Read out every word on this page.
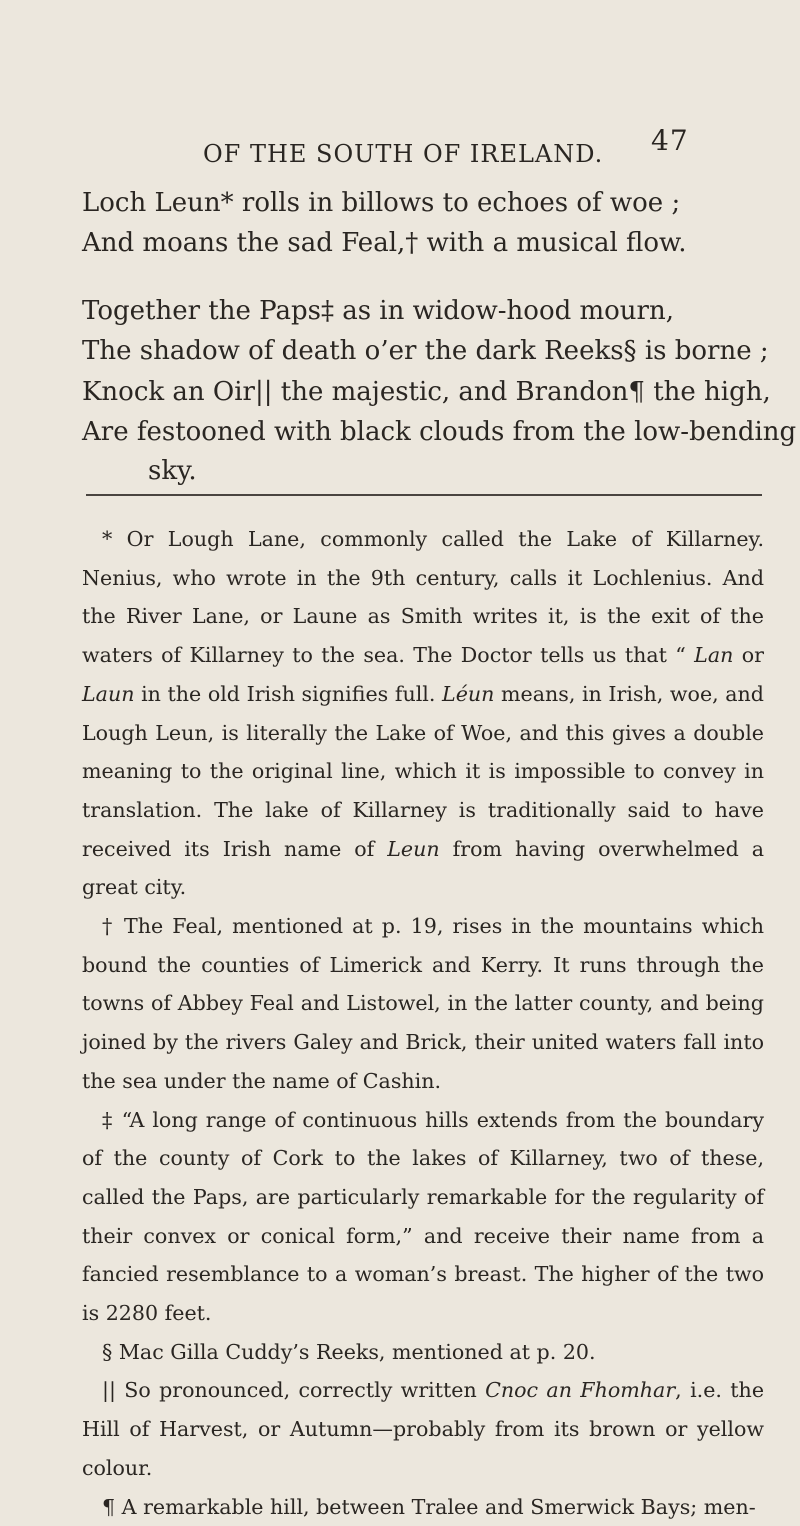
OF THE SOUTH OF IRELAND. 47
Loch Leun* rolls in billows to echoes of woe ;
And moans the sad Feal,† with a musical flow.
Together the Paps‡ as in widow-hood mourn,
The shadow of death o’er the dark Reeks§ is borne ;
Knock an Oir|| the majestic, and Brandon¶ the high,
Are festooned with black clouds from the low-bending
sky.

* Or Lough Lane, commonly called the Lake of Killarney. Nenius, who wrote in the 9th century, calls it Lochlenius. And the River Lane, or Laune as Smith writes it, is the exit of the waters of Killarney to the sea. The Doctor tells us that “ Lan or Laun in the old Irish signifies full. Léun means, in Irish, woe, and Lough Leun, is literally the Lake of Woe, and this gives a double meaning to the original line, which it is impossible to convey in translation. The lake of Killarney is traditionally said to have received its Irish name of Leun from having overwhelmed a great city.

† The Feal, mentioned at p. 19, rises in the mountains which bound the counties of Limerick and Kerry. It runs through the towns of Abbey Feal and Listowel, in the latter county, and being joined by the rivers Galey and Brick, their united waters fall into the sea under the name of Cashin.

‡ “A long range of continuous hills extends from the boundary of the county of Cork to the lakes of Killarney, two of these, called the Paps, are particularly remarkable for the regularity of their convex or conical form,” and receive their name from a fancied resemblance to a woman’s breast. The higher of the two is 2280 feet.

§ Mac Gilla Cuddy’s Reeks, mentioned at p. 20.

|| So pronounced, correctly written Cnoc an Fhomhar, i.e. the Hill of Harvest, or Autumn—probably from its brown or yellow colour.

¶ A remarkable hill, between Tralee and Smerwick Bays; men-
